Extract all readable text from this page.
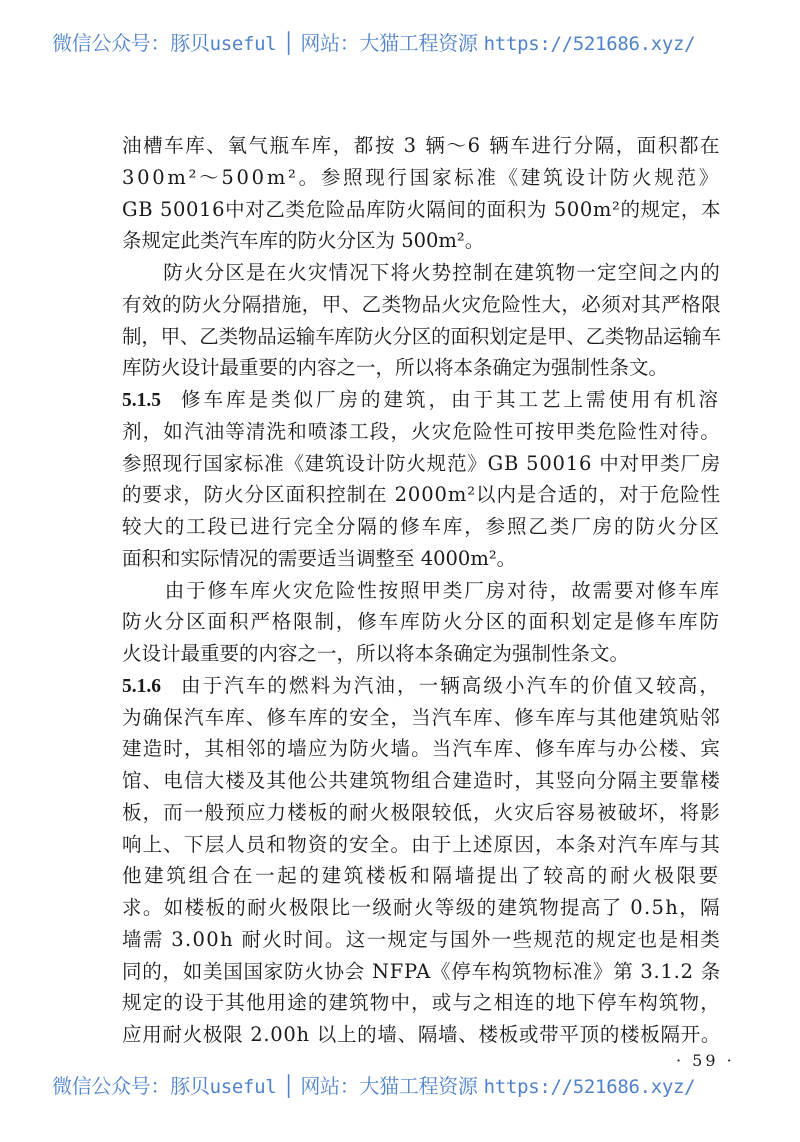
微信公众号：豚贝useful │ 网站：大猫工程资源 https://521686.xyz/
油槽车库、氧气瓶车库，都按 3 辆～6 辆车进行分隔，面积都在
300m²～500m²。参照现行国家标准《建筑设计防火规范》
GB 50016中对乙类危险品库防火隔间的面积为 500m²的规定，本
条规定此类汽车库的防火分区为 500m²。
　　防火分区是在火灾情况下将火势控制在建筑物一定空间之内的
有效的防火分隔措施，甲、乙类物品火灾危险性大，必须对其严格限
制，甲、乙类物品运输车库防火分区的面积划定是甲、乙类物品运输车
库防火设计最重要的内容之一，所以将本条确定为强制性条文。
5.1.5 修车库是类似厂房的建筑，由于其工艺上需使用有机溶
剂，如汽油等清洗和喷漆工段，火灾危险性可按甲类危险性对待。
参照现行国家标准《建筑设计防火规范》GB 50016 中对甲类厂房
的要求，防火分区面积控制在 2000m²以内是合适的，对于危险性
较大的工段已进行完全分隔的修车库，参照乙类厂房的防火分区
面积和实际情况的需要适当调整至 4000m²。
　　由于修车库火灾危险性按照甲类厂房对待，故需要对修车库
防火分区面积严格限制，修车库防火分区的面积划定是修车库防
火设计最重要的内容之一，所以将本条确定为强制性条文。
5.1.6 由于汽车的燃料为汽油，一辆高级小汽车的价值又较高，
为确保汽车库、修车库的安全，当汽车库、修车库与其他建筑贴邻
建造时，其相邻的墙应为防火墙。当汽车库、修车库与办公楼、宾
馆、电信大楼及其他公共建筑物组合建造时，其竖向分隔主要靠楼
板，而一般预应力楼板的耐火极限较低，火灾后容易被破坏，将影
响上、下层人员和物资的安全。由于上述原因，本条对汽车库与其
他建筑组合在一起的建筑楼板和隔墙提出了较高的耐火极限要
求。如楼板的耐火极限比一级耐火等级的建筑物提高了 0.5h，隔
墙需 3.00h 耐火时间。这一规定与国外一些规范的规定也是相类
同的，如美国国家防火协会 NFPA《停车构筑物标准》第 3.1.2 条
规定的设于其他用途的建筑物中，或与之相连的地下停车构筑物，
应用耐火极限 2.00h 以上的墙、隔墙、楼板或带平顶的楼板隔开。
· 59 ·
微信公众号：豚贝useful │ 网站：大猫工程资源 https://521686.xyz/
